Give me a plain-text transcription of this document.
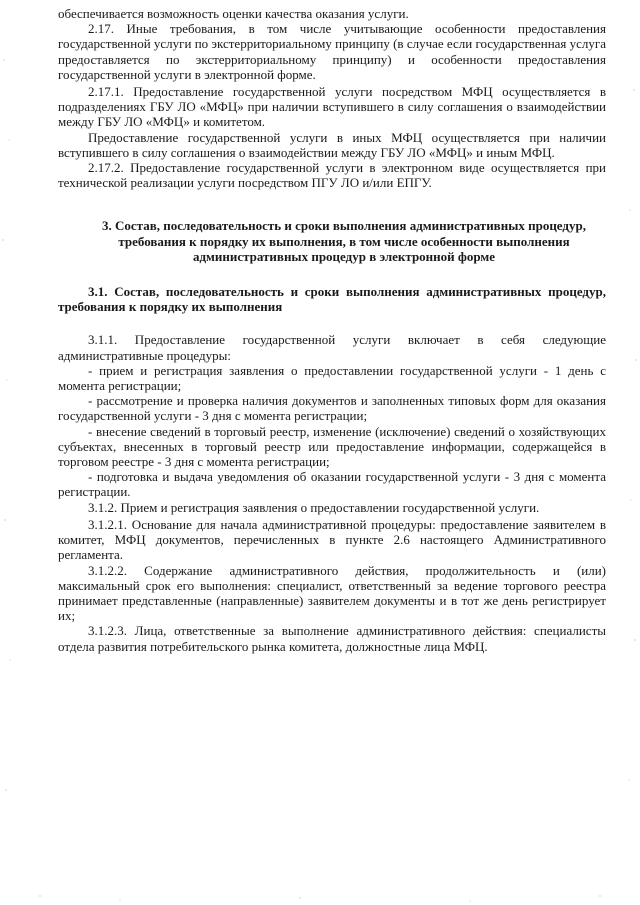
обеспечивается возможность оценки качества оказания услуги.

2.17. Иные требования, в том числе учитывающие особенности предоставления государственной услуги по экстерриториальному принципу (в случае если государственная услуга предоставляется по экстерриториальному принципу) и особенности предоставления государственной услуги в электронной форме.

2.17.1. Предоставление государственной услуги посредством МФЦ осуществляется в подразделениях ГБУ ЛО «МФЦ» при наличии вступившего в силу соглашения о взаимодействии между ГБУ ЛО «МФЦ» и комитетом.

Предоставление государственной услуги в иных МФЦ осуществляется при наличии вступившего в силу соглашения о взаимодействии между ГБУ ЛО «МФЦ» и иным МФЦ.

2.17.2. Предоставление государственной услуги в электронном виде осуществляется при технической реализации услуги посредством ПГУ ЛО и/или ЕПГУ.

3. Состав, последовательность и сроки выполнения административных процедур, требования к порядку их выполнения, в том числе особенности выполнения административных процедур в электронной форме

3.1. Состав, последовательность и сроки выполнения административных процедур, требования к порядку их выполнения

3.1.1. Предоставление государственной услуги включает в себя следующие административные процедуры:

- прием и регистрация заявления о предоставлении государственной услуги - 1 день с момента регистрации;

- рассмотрение и проверка наличия документов и заполненных типовых форм для оказания государственной услуги - 3 дня с момента регистрации;

- внесение сведений в торговый реестр, изменение (исключение) сведений о хозяйствующих субъектах, внесенных в торговый реестр или предоставление информации, содержащейся в торговом реестре - 3 дня с момента регистрации;

- подготовка и выдача уведомления об оказании государственной услуги - 3 дня с момента регистрации.

3.1.2. Прием и регистрация заявления о предоставлении государственной услуги.

3.1.2.1. Основание для начала административной процедуры: предоставление заявителем в комитет, МФЦ документов, перечисленных в пункте 2.6 настоящего Административного регламента.

3.1.2.2. Содержание административного действия, продолжительность и (или) максимальный срок его выполнения: специалист, ответственный за ведение торгового реестра принимает представленные (направленные) заявителем документы и в тот же день регистрирует их;

3.1.2.3. Лица, ответственные за выполнение административного действия: специалисты отдела развития потребительского рынка комитета, должностные лица МФЦ.
